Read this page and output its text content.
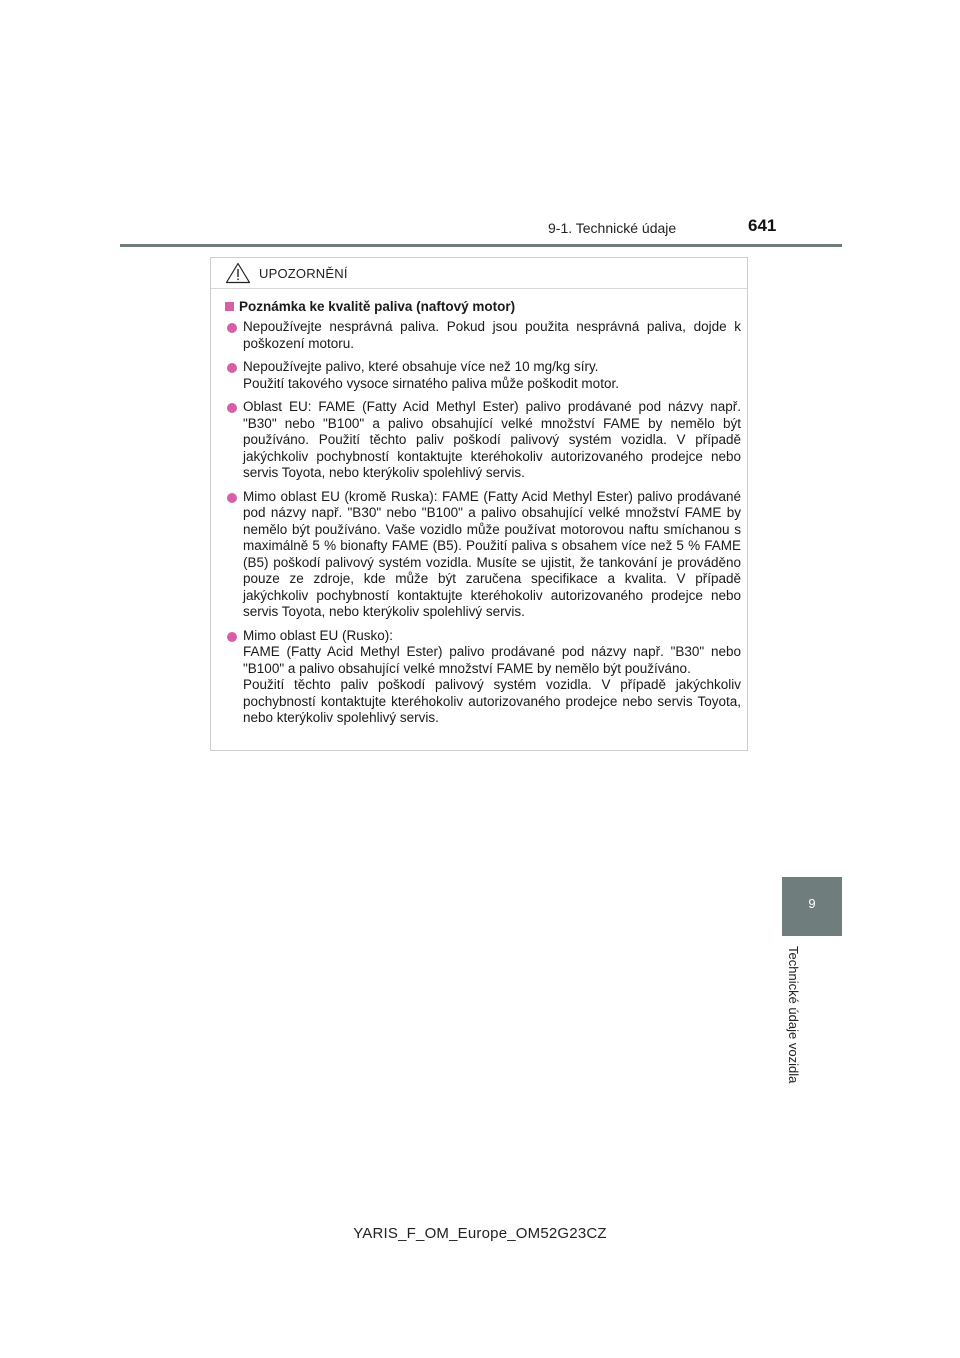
9-1. Technické údaje	641
9
Technické údaje vozidla
UPOZORNĚNÍ
Poznámka ke kvalitě paliva (naftový motor)
Nepoužívejte nesprávná paliva. Pokud jsou použita nesprávná paliva, dojde k poškození motoru.
Nepoužívejte palivo, které obsahuje více než 10 mg/kg síry.
Použití takového vysoce sirnatého paliva může poškodit motor.
Oblast EU: FAME (Fatty Acid Methyl Ester) palivo prodávané pod názvy např. "B30" nebo "B100" a palivo obsahující velké množství FAME by nemělo být používáno. Použití těchto paliv poškodí palivový systém vozidla. V případě jakýchkoliv pochybností kontaktujte kteréhokoliv autorizovaného prodejce nebo servis Toyota, nebo kterýkoliv spolehlivý servis.
Mimo oblast EU (kromě Ruska): FAME (Fatty Acid Methyl Ester) palivo prodávané pod názvy např. "B30" nebo "B100" a palivo obsahující velké množství FAME by nemělo být používáno. Vaše vozidlo může používat motorovou naftu smíchanou s maximálně 5 % bionafty FAME (B5). Použití paliva s obsahem více než 5 % FAME (B5) poškodí palivový systém vozidla. Musíte se ujistit, že tankování je prováděno pouze ze zdroje, kde může být zaručena specifikace a kvalita. V případě jakýchkoliv pochybností kontaktujte kteréhokoliv autorizovaného prodejce nebo servis Toyota, nebo kterýkoliv spolehlivý servis.
Mimo oblast EU (Rusko):
FAME (Fatty Acid Methyl Ester) palivo prodávané pod názvy např. "B30" nebo "B100" a palivo obsahující velké množství FAME by nemělo být používáno.
Použití těchto paliv poškodí palivový systém vozidla. V případě jakýchkoliv pochybností kontaktujte kteréhokoliv autorizovaného prodejce nebo servis Toyota, nebo kterýkoliv spolehlivý servis.
YARIS_F_OM_Europe_OM52G23CZ
